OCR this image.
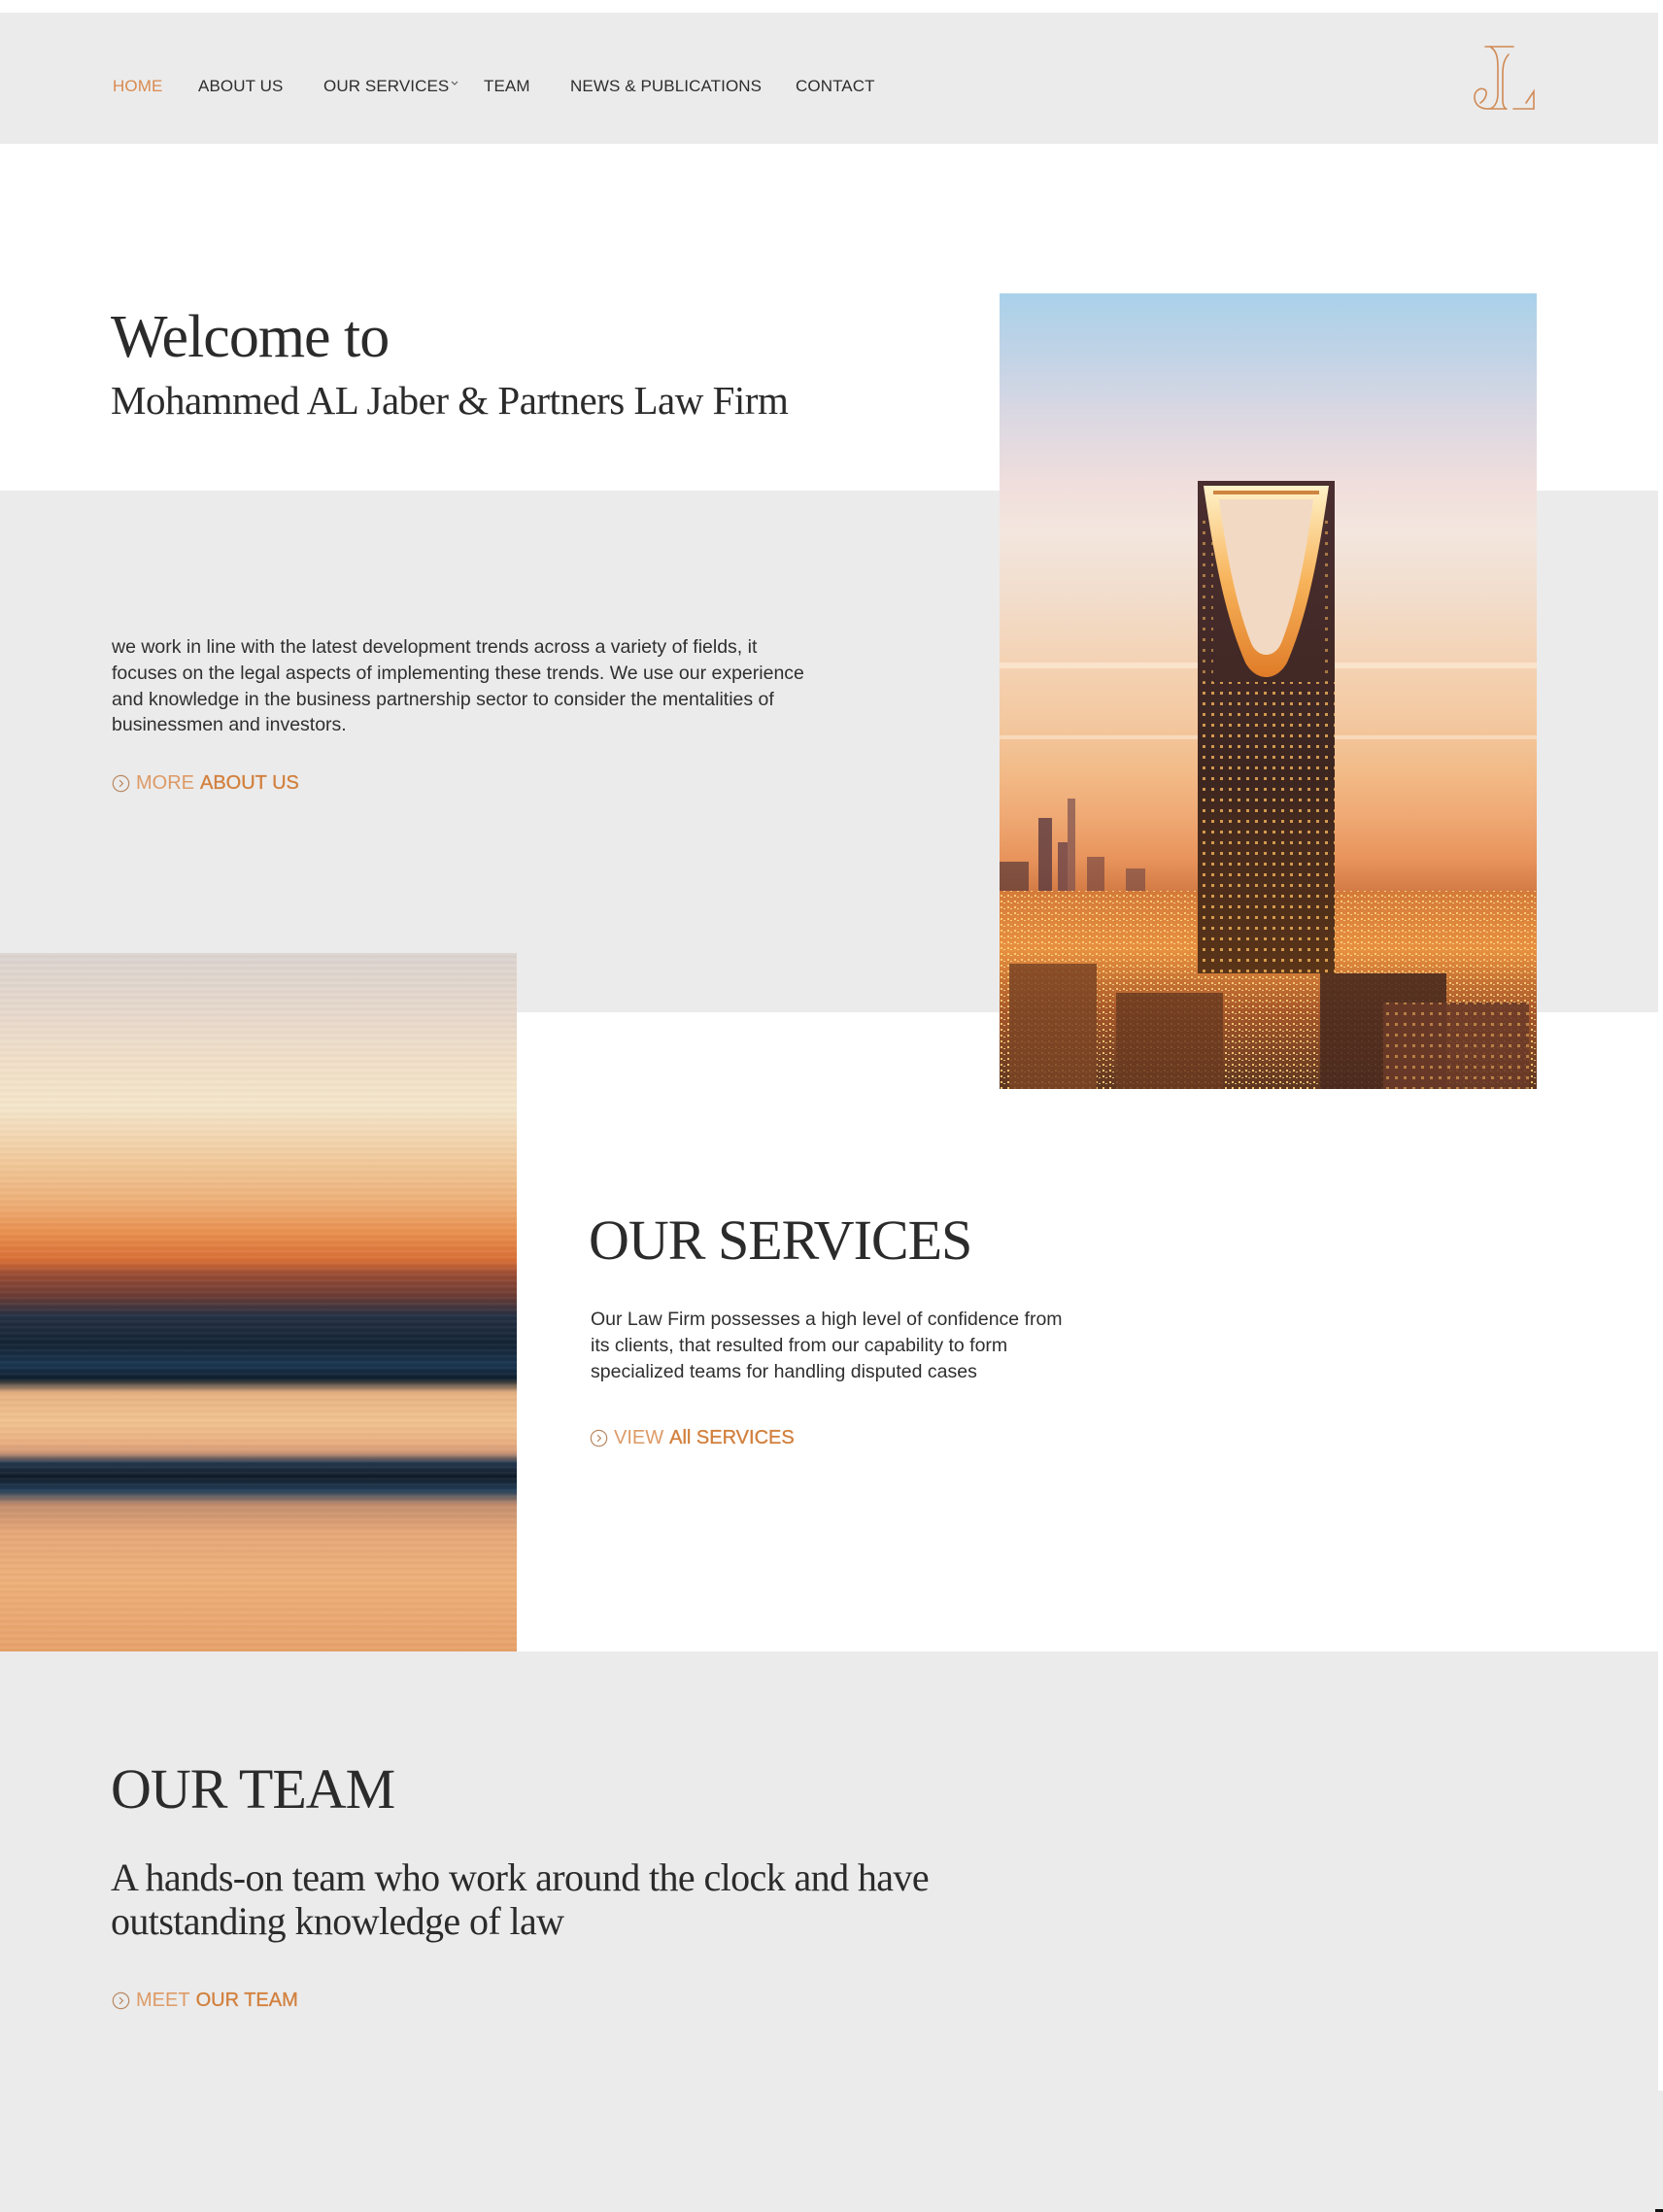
HOME ABOUT US OUR SERVICES TEAM NEWS & PUBLICATIONS CONTACT
Welcome to
Mohammed AL Jaber & Partners Law Firm

we work in line with the latest development trends across a variety of fields, it focuses on the legal aspects of implementing these trends. We use our experience and knowledge in the business partnership sector to consider the mentalities of businessmen and investors.

MORE ABOUT US
OUR SERVICES

Our Law Firm possesses a high level of confidence from its clients, that resulted from our capability to form specialized teams for handling disputed cases

VIEW All SERVICES
OUR TEAM

A hands-on team who work around the clock and have outstanding knowledge of law

MEET OUR TEAM
